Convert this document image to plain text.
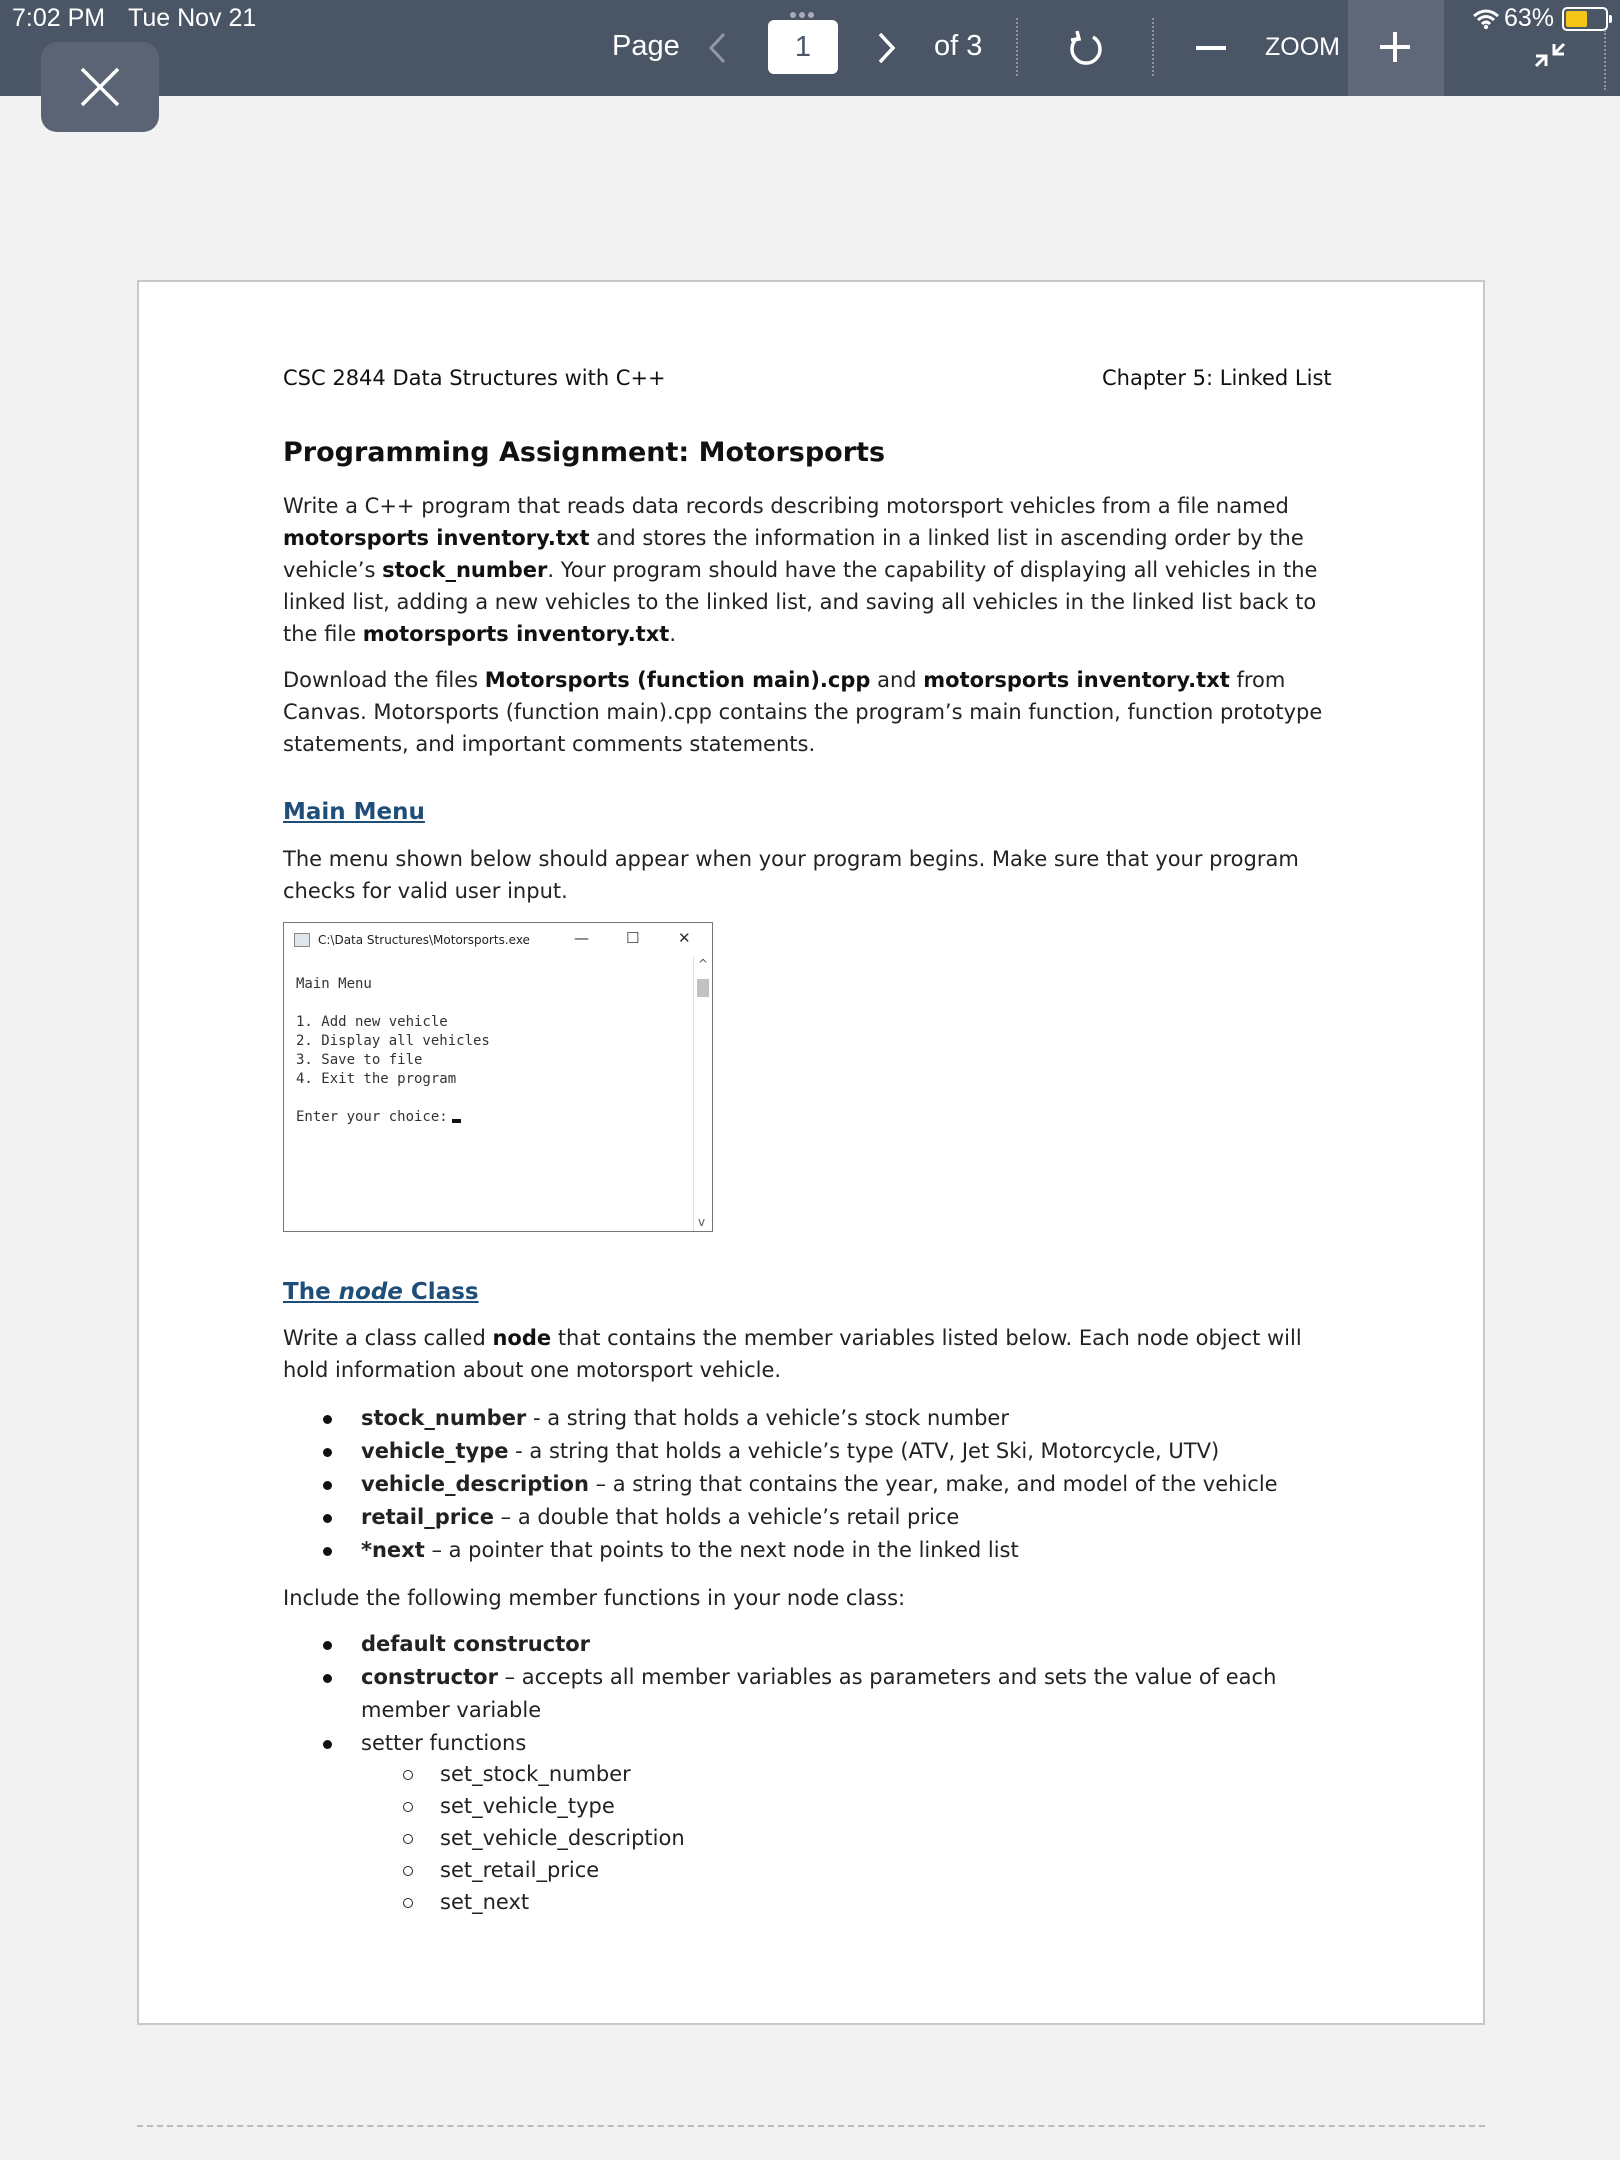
7:02 PM Tue Nov 21	63%
Page	1	of 3	ZOOM
CSC 2844 Data Structures with C++	Chapter 5: Linked List
Programming Assignment: Motorsports
Write a C++ program that reads data records describing motorsport vehicles from a file named motorsports inventory.txt and stores the information in a linked list in ascending order by the vehicle’s stock_number. Your program should have the capability of displaying all vehicles in the linked list, adding a new vehicles to the linked list, and saving all vehicles in the linked list back to the file motorsports inventory.txt.
Download the files Motorsports (function main).cpp and motorsports inventory.txt from Canvas. Motorsports (function main).cpp contains the program’s main function, function prototype statements, and important comments statements.
Main Menu
The menu shown below should appear when your program begins. Make sure that your program checks for valid user input.
C:\Data Structures\Motorsports.exe	— ☐	✕
Main Menu
1. Add new vehicle
2. Display all vehicles
3. Save to file
4. Exit the program
Enter your choice:
^
v
The node Class
Write a class called node that contains the member variables listed below. Each node object will hold information about one motorsport vehicle.
stock_number - a string that holds a vehicle’s stock number
vehicle_type - a string that holds a vehicle’s type (ATV, Jet Ski, Motorcycle, UTV)
vehicle_description – a string that contains the year, make, and model of the vehicle
retail_price – a double that holds a vehicle’s retail price
*next – a pointer that points to the next node in the linked list
Include the following member functions in your node class:
default constructor
constructor – accepts all member variables as parameters and sets the value of each member variable
setter functions
set_stock_number
set_vehicle_type
set_vehicle_description
set_retail_price
set_next
